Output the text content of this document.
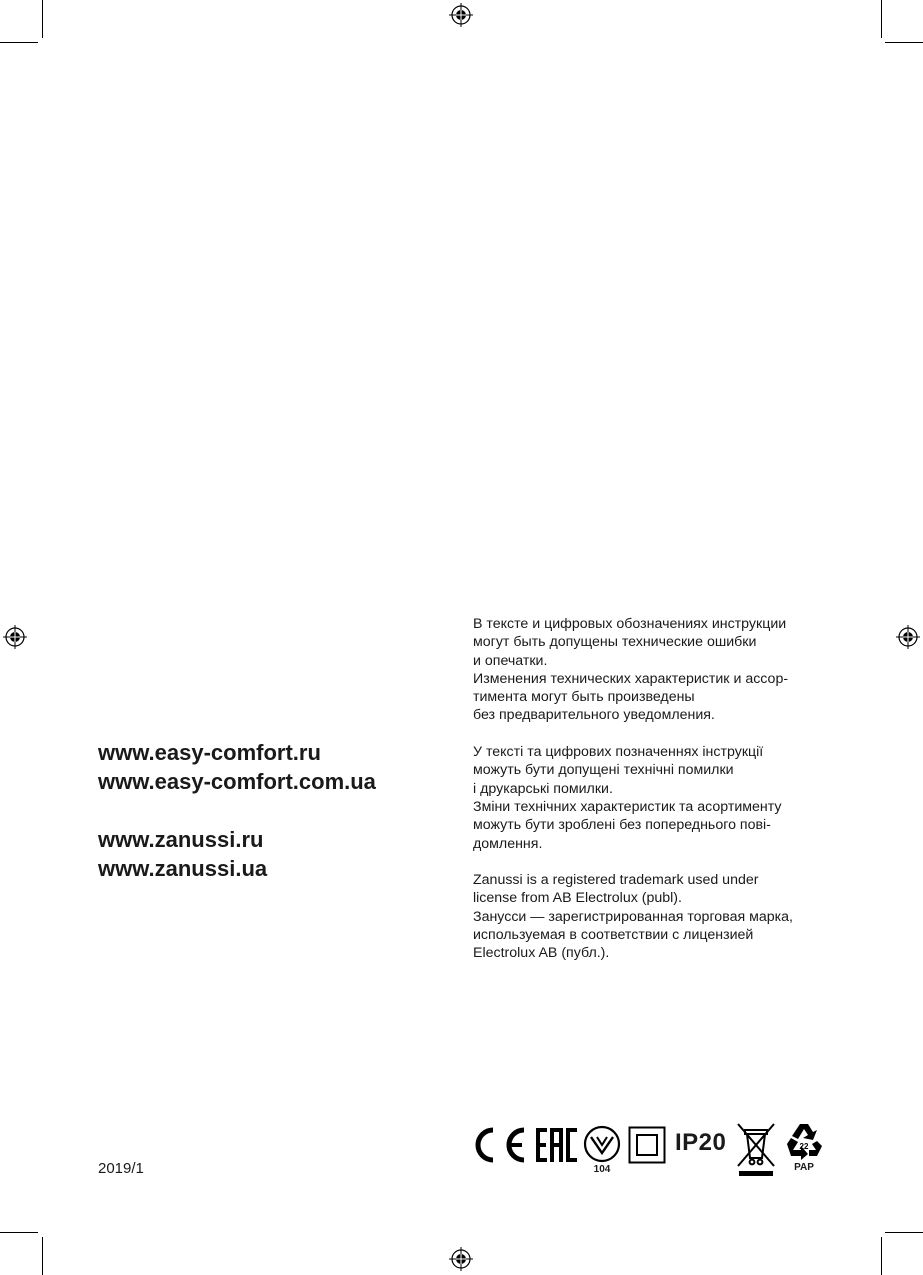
www.easy-comfort.ru
www.easy-comfort.com.ua
www.zanussi.ru
www.zanussi.ua
В тексте и цифровых обозначениях инструкции
могут быть допущены технические ошибки
и опечатки.
Изменения технических характеристик и ассор-
тимента могут быть произведены
без предварительного уведомления.
У тексті та цифрових позначеннях інструкції
можуть бути допущені технічні помилки
і друкарські помилки.
Зміни технічних характеристик та асортименту
можуть бути зроблені без попереднього пові-
домлення.
Zanussi is a registered trademark used under
license from AB Electrolux (publ).
Занусси — зарегистрированная торговая марка,
используемая в соответствии с лицензией
Electrolux AB (публ.).
2019/1
CE
104
IP20	22
PAP
